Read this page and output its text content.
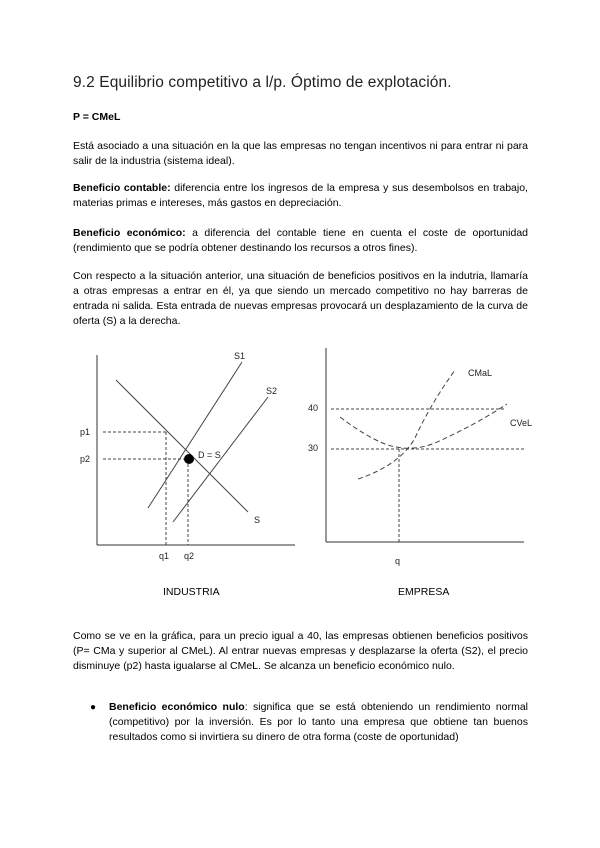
9.2 Equilibrio competitivo a l/p. Óptimo de explotación.

P = CMeL

Está asociado a una situación en la que las empresas no tengan incentivos ni para entrar ni para salir de la industria (sistema ideal).

Beneficio contable: diferencia entre los ingresos de la empresa y sus desembolsos en trabajo, materias primas e intereses, más gastos en depreciación.

Beneficio económico: a diferencia del contable tiene en cuenta el coste de oportunidad (rendimiento que se podría obtener destinando los recursos a otros fines).

Con respecto a la situación anterior, una situación de beneficios positivos en la indutria, llamaría a otras empresas a entrar en él, ya que siendo un mercado competitivo no hay barreras de entrada ni salida. Esta entrada de nuevas empresas provocará un desplazamiento de la curva de oferta (S) a la derecha.

S1
S2
S
D = S
p1
p2
q1 q2
CMaL
CVeL
40
30
q

INDUSTRIA	EMPRESA

Como se ve en la gráfica, para un precio igual a 40, las empresas obtienen beneficios positivos (P= CMa y superior al CMeL). Al entrar nuevas empresas y desplazarse la oferta (S2), el precio disminuye (p2) hasta igualarse al CMeL. Se alcanza un beneficio económico nulo.

● Beneficio económico nulo: significa que se está obteniendo un rendimiento normal (competitivo) por la inversión. Es por lo tanto una empresa que obtiene tan buenos resultados como si invirtiera su dinero de otra forma (coste de oportunidad)
